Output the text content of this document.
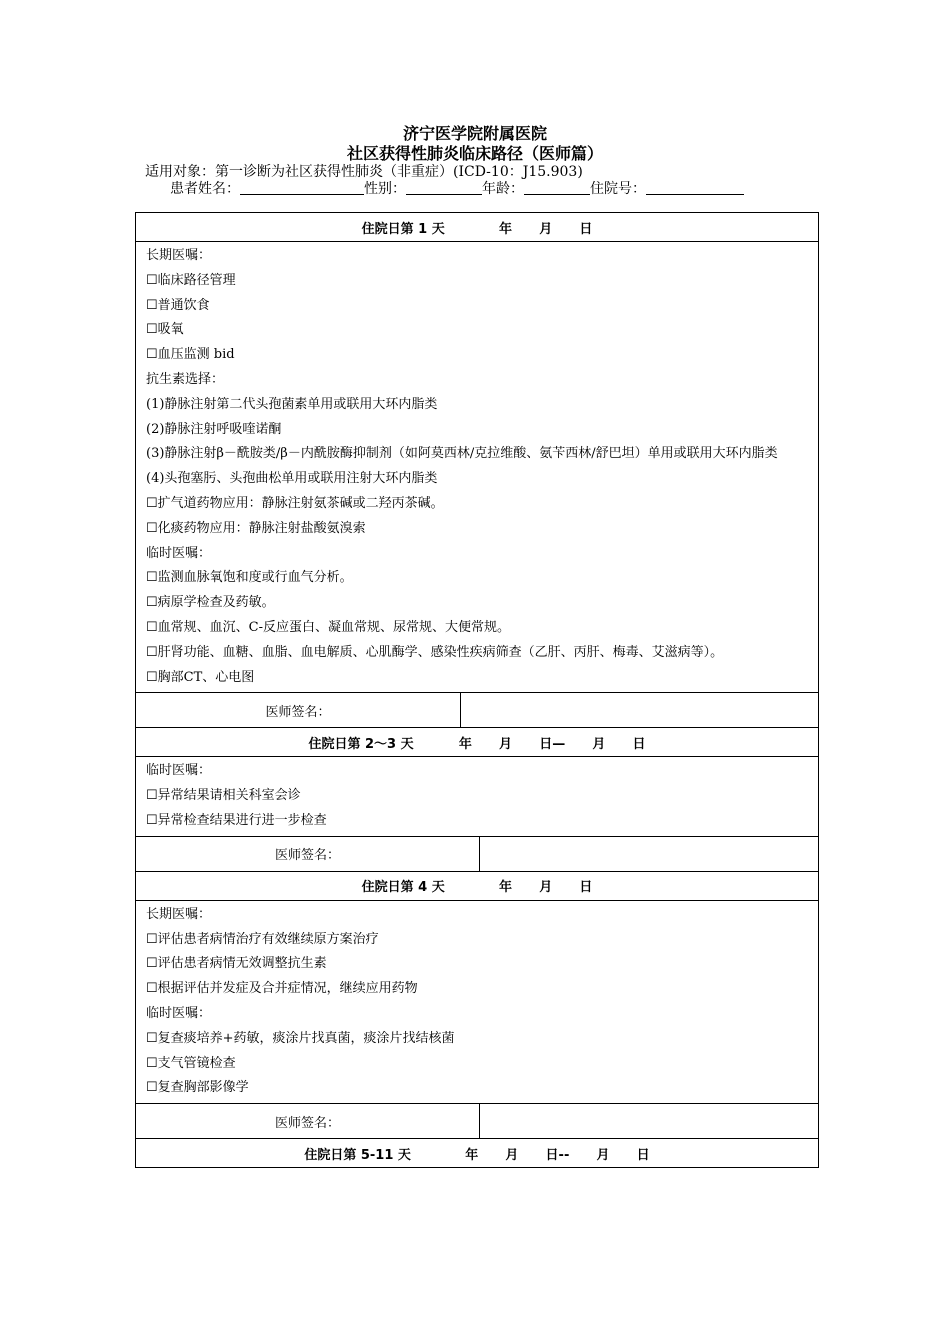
济宁医学院附属医院
社区获得性肺炎临床路径（医师篇）
适用对象：第一诊断为社区获得性肺炎（非重症）(ICD-10：J15.903)
患者姓名：	性别：	年龄：	住院号：
住院日第 1 天            年      月      日
长期医嘱：
☐临床路径管理
☐普通饮食
☐吸氧
☐血压监测 bid
抗生素选择：
(1)静脉注射第二代头孢菌素单用或联用大环内脂类
(2)静脉注射呼吸喹诺酮
(3)静脉注射β－酰胺类/β－内酰胺酶抑制剂（如阿莫西林/克拉维酸、氨苄西林/舒巴坦）单用或联用大环内脂类
(4)头孢塞肟、头孢曲松单用或联用注射大环内脂类
☐扩气道药物应用：静脉注射氨茶碱或二羟丙茶碱。
☐化痰药物应用：静脉注射盐酸氨溴索
临时医嘱：
☐监测血脉氧饱和度或行血气分析。
☐病原学检查及药敏。
☐血常规、血沉、C-反应蛋白、凝血常规、尿常规、大便常规。
☐肝肾功能、血糖、血脂、血电解质、心肌酶学、感染性疾病筛查（乙肝、丙肝、梅毒、艾滋病等）。
☐胸部CT、心电图
医师签名：
住院日第 2～3 天          年      月      日—      月      日
临时医嘱：
☐异常结果请相关科室会诊
☐异常检查结果进行进一步检查
医师签名：
住院日第 4 天            年      月      日
长期医嘱：
☐评估患者病情治疗有效继续原方案治疗
☐评估患者病情无效调整抗生素
☐根据评估并发症及合并症情况，继续应用药物
临时医嘱：
☐复查痰培养+药敏，痰涂片找真菌，痰涂片找结核菌
☐支气管镜检查
☐复查胸部影像学
医师签名：
住院日第 5-11 天            年      月      日--      月      日
